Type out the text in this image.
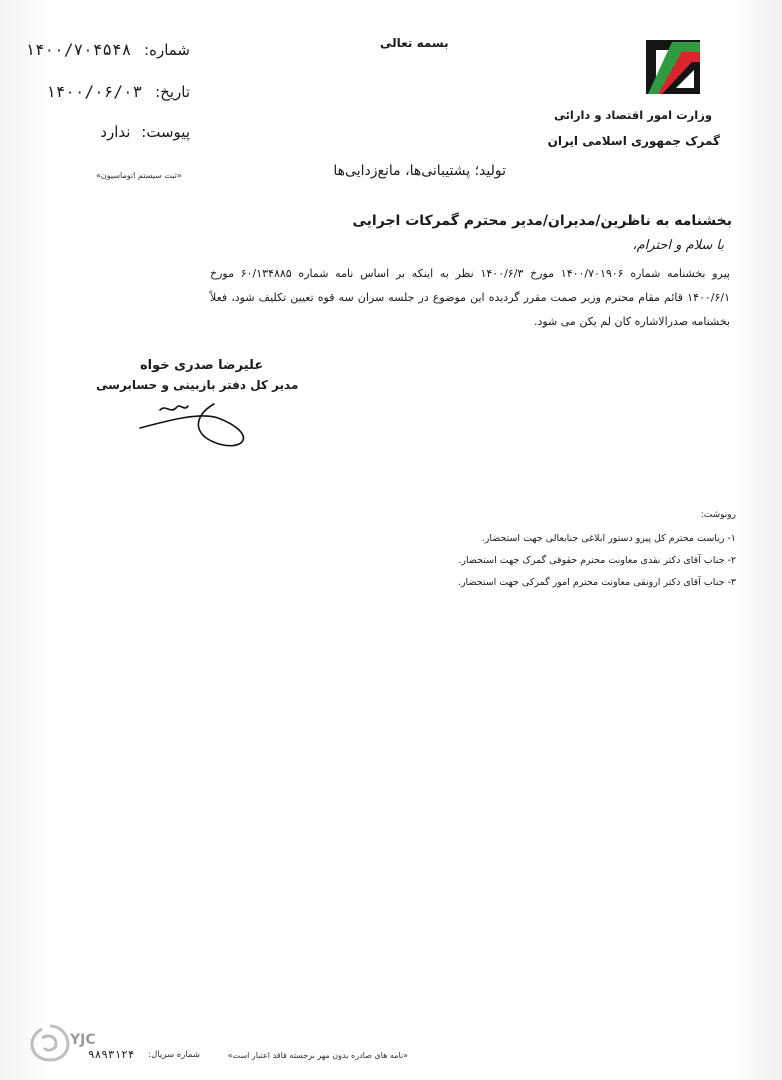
بسمه تعالی
وزارت امور اقتصاد و دارائی
گمرک جمهوری اسلامی ایران
شماره: ۱۴۰۰/۷۰۴۵۴۸
تاریخ: ۱۴۰۰/۰۶/۰۳
پیوست: ندارد
«ثبت سیستم اتوماسیون»	تولید؛ پشتیبانی‌ها، مانع‌زدایی‌ها
بخشنامه به ناظرین/مدیران/مدیر محترم گمرکات اجرایی
با سلام و احترام،
پیرو بخشنامه شماره ۱۴۰۰/۷۰۱۹۰۶ مورخ ۱۴۰۰/۶/۳ نظر به اینکه بر اساس نامه شماره ۶۰/۱۳۴۸۸۵ مورخ ۱۴۰۰/۶/۱ قائم مقام محترم وزیر صمت مقرر گردیده این موضوع در جلسه سران سه قوه تعیین تکلیف شود، فعلاً بخشنامه صدرالاشاره کان لم یکن می شود.
علیرضا صدری خواه
مدیر کل دفتر بازبینی و حسابرسی
رونوشت:
۱- ریاست محترم کل پیرو دستور ابلاغی جنابعالی جهت استحضار.
۲- جناب آقای دکتر نقدی معاونت محترم حقوقی گمرک جهت استحضار.
۳- جناب آقای دکتر ارونقی معاونت محترم امور گمرکی جهت استحضار.
«نامه های صادره بدون مهر برجسته فاقد اعتبار است»
شماره سریال:
۹۸۹۳۱۲۴
YJC
